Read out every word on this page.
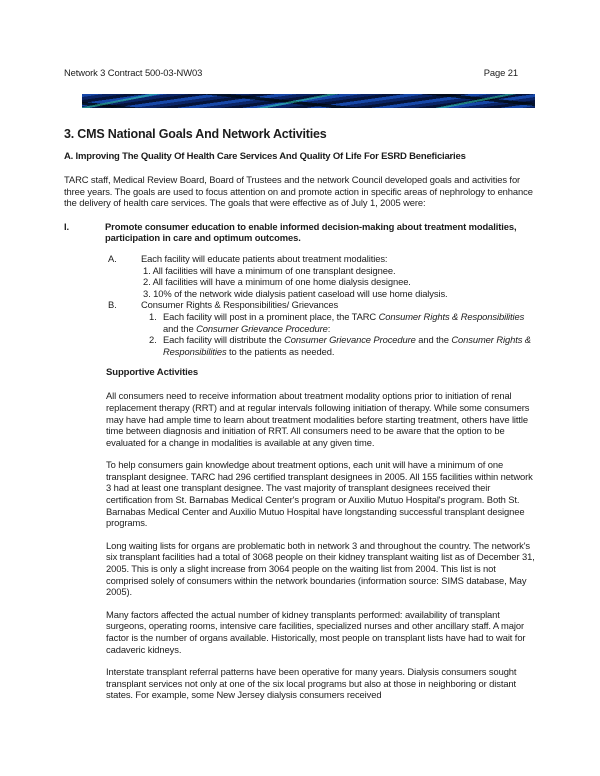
Network 3 Contract 500-03-NW03	Page 21
3. CMS National Goals And Network Activities
A. Improving The Quality Of Health Care Services And Quality Of Life For ESRD Beneficiaries

TARC staff, Medical Review Board, Board of Trustees and the network Council developed goals and activities for three years. The goals are used to focus attention on and promote action in specific areas of nephrology to enhance the delivery of health care services. The goals that were effective as of July 1, 2005 were:

I.	Promote consumer education to enable informed decision-making about treatment modalities, participation in care and optimum outcomes.
A.	Each facility will educate patients about treatment modalities:
1. All facilities will have a minimum of one transplant designee.
2. All facilities will have a minimum of one home dialysis designee.
3. 10% of the network wide dialysis patient caseload will use home dialysis.
B.	Consumer Rights & Responsibilities/ Grievances
1. Each facility will post in a prominent place, the TARC Consumer Rights & Responsibilities and the Consumer Grievance Procedure:
2. Each facility will distribute the Consumer Grievance Procedure and the Consumer Rights & Responsibilities to the patients as needed.
Supportive Activities

All consumers need to receive information about treatment modality options prior to initiation of renal replacement therapy (RRT) and at regular intervals following initiation of therapy. While some consumers may have had ample time to learn about treatment modalities before starting treatment, others have little time between diagnosis and initiation of RRT. All consumers need to be aware that the option to be evaluated for a change in modalities is available at any given time.

To help consumers gain knowledge about treatment options, each unit will have a minimum of one transplant designee. TARC had 296 certified transplant designees in 2005. All 155 facilities within network 3 had at least one transplant designee. The vast majority of transplant designees received their certification from St. Barnabas Medical Center's program or Auxilio Mutuo Hospital's program. Both St. Barnabas Medical Center and Auxilio Mutuo Hospital have longstanding successful transplant designee programs.

Long waiting lists for organs are problematic both in network 3 and throughout the country. The network's six transplant facilities had a total of 3068 people on their kidney transplant waiting list as of December 31, 2005. This is only a slight increase from 3064 people on the waiting list from 2004. This list is not comprised solely of consumers within the network boundaries (information source: SIMS database, May 2005).

Many factors affected the actual number of kidney transplants performed: availability of transplant surgeons, operating rooms, intensive care facilities, specialized nurses and other ancillary staff. A major factor is the number of organs available. Historically, most people on transplant lists have had to wait for cadaveric kidneys.

Interstate transplant referral patterns have been operative for many years. Dialysis consumers sought transplant services not only at one of the six local programs but also at those in neighboring or distant states. For example, some New Jersey dialysis consumers received
